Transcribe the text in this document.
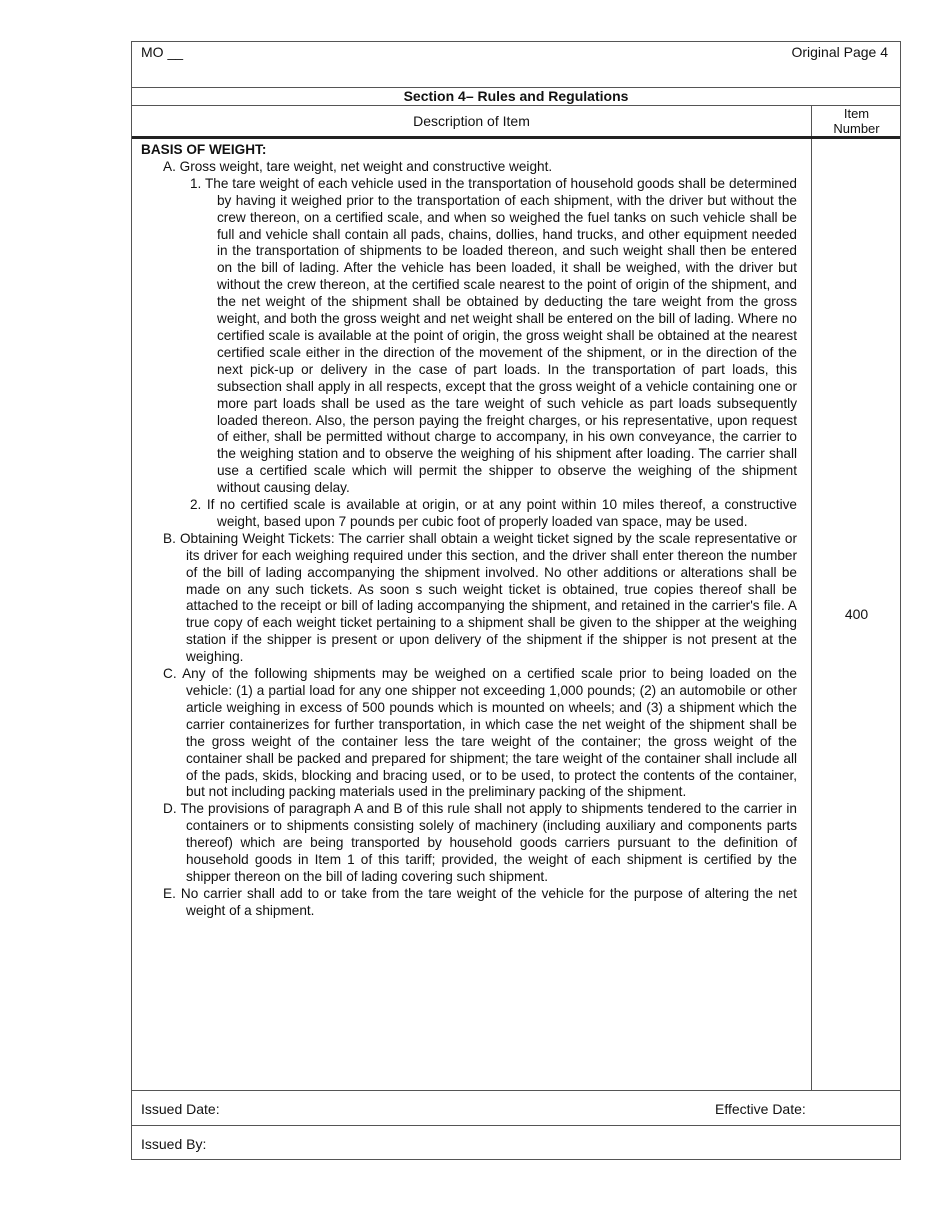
MO __	Original Page 4
Section 4– Rules and Regulations
Description of Item	Item
Number

BASIS OF WEIGHT:

A. Gross weight, tare weight, net weight and constructive weight.

1. The tare weight of each vehicle used in the transportation of household goods shall be determined by having it weighed prior to the transportation of each shipment, with the driver but without the crew thereon, on a certified scale, and when so weighed the fuel tanks on such vehicle shall be full and vehicle shall contain all pads, chains, dollies, hand trucks, and other equipment needed in the transportation of shipments to be loaded thereon, and such weight shall then be entered on the bill of lading. After the vehicle has been loaded, it shall be weighed, with the driver but without the crew thereon, at the certified scale nearest to the point of origin of the shipment, and the net weight of the shipment shall be obtained by deducting the tare weight from the gross weight, and both the gross weight and net weight shall be entered on the bill of lading. Where no certified scale is available at the point of origin, the gross weight shall be obtained at the nearest certified scale either in the direction of the movement of the shipment, or in the direction of the next pick-up or delivery in the case of part loads. In the transportation of part loads, this subsection shall apply in all respects, except that the gross weight of a vehicle containing one or more part loads shall be used as the tare weight of such vehicle as part loads subsequently loaded thereon. Also, the person paying the freight charges, or his representative, upon request of either, shall be permitted without charge to accompany, in his own conveyance, the carrier to the weighing station and to observe the weighing of his shipment after loading. The carrier shall use a certified scale which will permit the shipper to observe the weighing of the shipment without causing delay.

2. If no certified scale is available at origin, or at any point within 10 miles thereof, a constructive weight, based upon 7 pounds per cubic foot of properly loaded van space, may be used.

B. Obtaining Weight Tickets: The carrier shall obtain a weight ticket signed by the scale representative or its driver for each weighing required under this section, and the driver shall enter thereon the number of the bill of lading accompanying the shipment involved. No other additions or alterations shall be made on any such tickets. As soon s such weight ticket is obtained, true copies thereof shall be attached to the receipt or bill of lading accompanying the shipment, and retained in the carrier's file. A true copy of each weight ticket pertaining to a shipment shall be given to the shipper at the weighing station if the shipper is present or upon delivery of the shipment if the shipper is not present at the weighing.

C. Any of the following shipments may be weighed on a certified scale prior to being loaded on the vehicle: (1) a partial load for any one shipper not exceeding 1,000 pounds; (2) an automobile or other article weighing in excess of 500 pounds which is mounted on wheels; and (3) a shipment which the carrier containerizes for further transportation, in which case the net weight of the shipment shall be the gross weight of the container less the tare weight of the container; the gross weight of the container shall be packed and prepared for shipment; the tare weight of the container shall include all of the pads, skids, blocking and bracing used, or to be used, to protect the contents of the container, but not including packing materials used in the preliminary packing of the shipment.

D. The provisions of paragraph A and B of this rule shall not apply to shipments tendered to the carrier in containers or to shipments consisting solely of machinery (including auxiliary and components parts thereof) which are being transported by household goods carriers pursuant to the definition of household goods in Item 1 of this tariff; provided, the weight of each shipment is certified by the shipper thereon on the bill of lading covering such shipment.

E. No carrier shall add to or take from the tare weight of the vehicle for the purpose of altering the net weight of a shipment.

400
Issued Date:	Effective Date:
Issued By:
